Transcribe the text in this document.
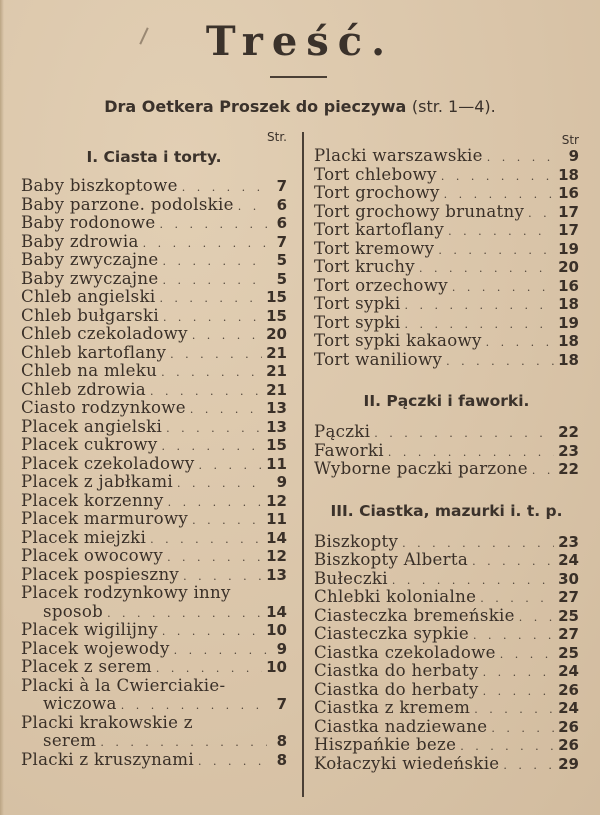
Treść.
Dra Oetkera Proszek do pieczywa (str. 1—4).
Str.
I. Ciasta i torty.
Baby biszkoptowe . . .	7
Baby parzone. podolskie . . .	6
Baby rodonowe . . .	6
Baby zdrowia . . .	7
Baby zwyczajne . . .	5
Baby zwyczajne . . .	5
Chleb angielski . . .	15
Chleb bułgarski . . .	15
Chleb czekoladowy . . .	20
Chleb kartoflany . . .	21
Chleb na mleku . . .	21
Chleb zdrowia . . .	21
Ciasto rodzynkowe . . .	13
Placek angielski . . .	13
Placek cukrowy . . .	15
Placek czekoladowy . . .	11
Placek z jabłkami . . .	9
Placek korzenny . . .	12
Placek marmurowy . . .	11
Placek miejzki . . .	14
Placek owocowy . . .	12
Placek pospieszny . . .	13
Placek rodzynkowy inny
sposob . . .	14
Placek wigilijny . . .	10
Placek wojewody . . .	9
Placek z serem . . .	10
Placki à la Cwierciakie-
wiczowa . . .	7
Placki krakowskie z
serem . . .	8
Placki z kruszynami . . .	8
Str
Placki warszawskie . . .	9
Tort chlebowy . . .	18
Tort grochowy . . .	16
Tort grochowy brunatny . . . 17
Tort kartoflany . . .	17
Tort kremowy . . .	19
Tort kruchy . . .	20
Tort orzechowy . . .	16
Tort sypki . . .	18
Tort sypki . . .	19
Tort sypki kakaowy . . .	18
Tort waniliowy . . .	18
II. Pączki i faworki.
Pączki . . .	22
Faworki . . .	23
Wyborne paczki parzone . . . 22
III. Ciastka, mazurki i. t. p.
Biszkopty . . .	23
Biszkopty Alberta . . .	24
Bułeczki . . .	30
Chlebki kolonialne . . .	27
Ciasteczka bremeńskie . . .	25
Ciasteczka sypkie . . .	27
Ciastka czekoladowe . . .	25
Ciastka do herbaty . . .	24
Ciastka do herbaty . . .	26
Ciastka z kremem . . .	24
Ciastka nadziewane . . .	26
Hiszpańkie beze . . .	26
Kołaczyki wiedeńskie . . .	29
